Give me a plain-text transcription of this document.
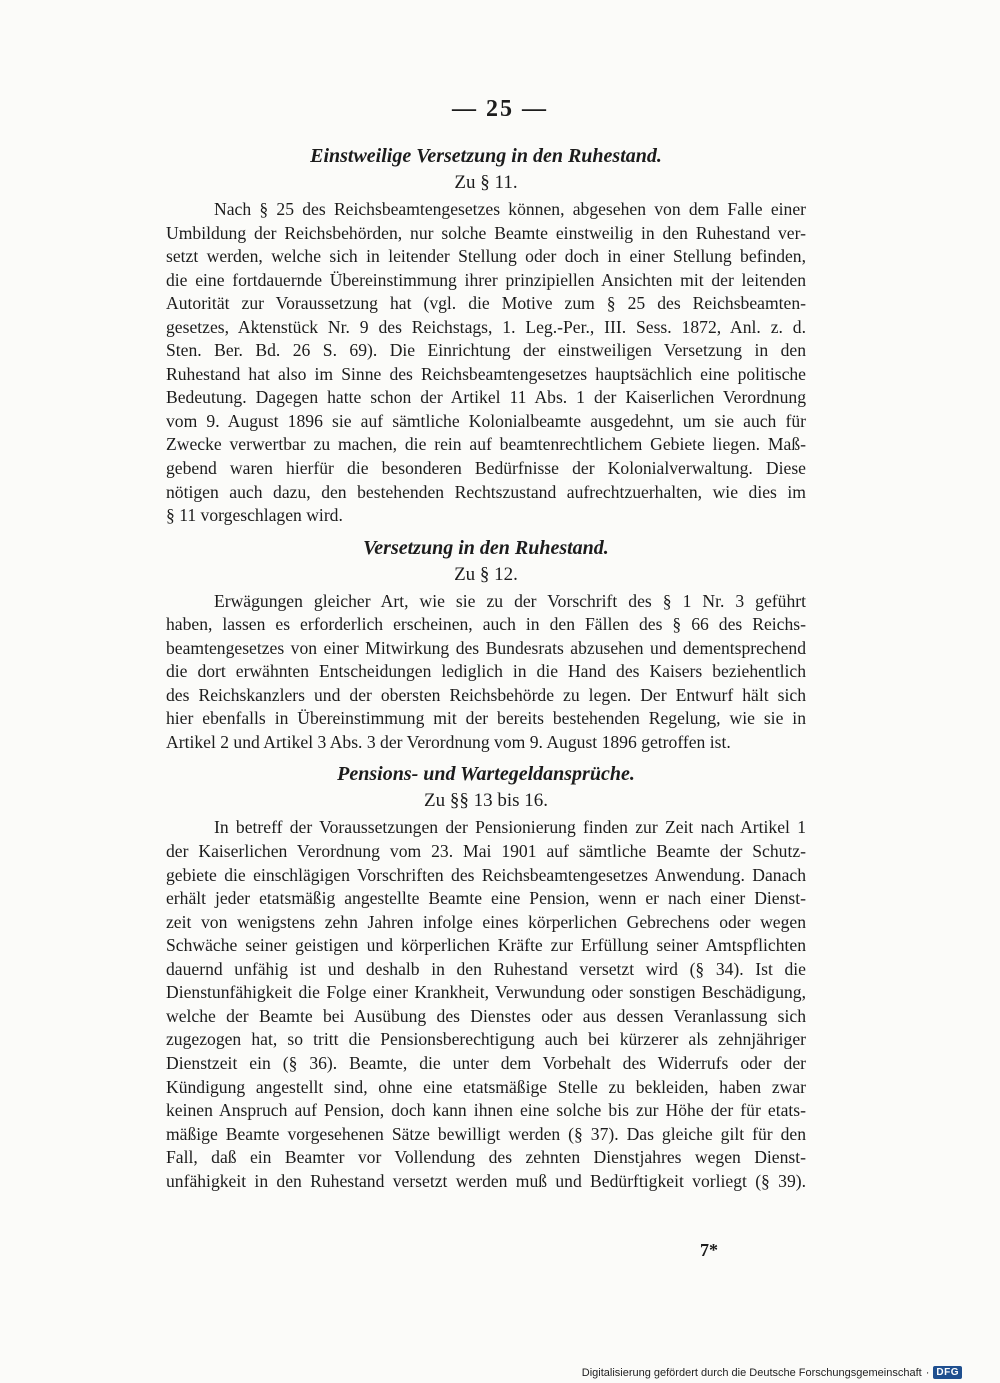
— 25 —
Einstweilige Versetzung in den Ruhestand.
Zu § 11.
Nach § 25 des Reichsbeamtengesetzes können, abgesehen von dem Falle einer
Umbildung der Reichsbehörden, nur solche Beamte einstweilig in den Ruhestand ver-
setzt werden, welche sich in leitender Stellung oder doch in einer Stellung befinden,
die eine fortdauernde Übereinstimmung ihrer prinzipiellen Ansichten mit der leitenden
Autorität zur Voraussetzung hat (vgl. die Motive zum § 25 des Reichsbeamten-
gesetzes, Aktenstück Nr. 9 des Reichstags, 1. Leg.-Per., III. Sess. 1872, Anl. z. d.
Sten. Ber. Bd. 26 S. 69). Die Einrichtung der einstweiligen Versetzung in den
Ruhestand hat also im Sinne des Reichsbeamtengesetzes hauptsächlich eine politische
Bedeutung. Dagegen hatte schon der Artikel 11 Abs. 1 der Kaiserlichen Verordnung
vom 9. August 1896 sie auf sämtliche Kolonialbeamte ausgedehnt, um sie auch für
Zwecke verwertbar zu machen, die rein auf beamtenrechtlichem Gebiete liegen. Maß-
gebend waren hierfür die besonderen Bedürfnisse der Kolonialverwaltung. Diese
nötigen auch dazu, den bestehenden Rechtszustand aufrechtzuerhalten, wie dies im
§ 11 vorgeschlagen wird.
Versetzung in den Ruhestand.
Zu § 12.
Erwägungen gleicher Art, wie sie zu der Vorschrift des § 1 Nr. 3 geführt
haben, lassen es erforderlich erscheinen, auch in den Fällen des § 66 des Reichs-
beamtengesetzes von einer Mitwirkung des Bundesrats abzusehen und dementsprechend
die dort erwähnten Entscheidungen lediglich in die Hand des Kaisers beziehentlich
des Reichskanzlers und der obersten Reichsbehörde zu legen. Der Entwurf hält sich
hier ebenfalls in Übereinstimmung mit der bereits bestehenden Regelung, wie sie in
Artikel 2 und Artikel 3 Abs. 3 der Verordnung vom 9. August 1896 getroffen ist.
Pensions- und Wartegeldansprüche.
Zu §§ 13 bis 16.
In betreff der Voraussetzungen der Pensionierung finden zur Zeit nach Artikel 1
der Kaiserlichen Verordnung vom 23. Mai 1901 auf sämtliche Beamte der Schutz-
gebiete die einschlägigen Vorschriften des Reichsbeamtengesetzes Anwendung. Danach
erhält jeder etatsmäßig angestellte Beamte eine Pension, wenn er nach einer Dienst-
zeit von wenigstens zehn Jahren infolge eines körperlichen Gebrechens oder wegen
Schwäche seiner geistigen und körperlichen Kräfte zur Erfüllung seiner Amtspflichten
dauernd unfähig ist und deshalb in den Ruhestand versetzt wird (§ 34). Ist die
Dienstunfähigkeit die Folge einer Krankheit, Verwundung oder sonstigen Beschädigung,
welche der Beamte bei Ausübung des Dienstes oder aus dessen Veranlassung sich
zugezogen hat, so tritt die Pensionsberechtigung auch bei kürzerer als zehnjähriger
Dienstzeit ein (§ 36). Beamte, die unter dem Vorbehalt des Widerrufs oder der
Kündigung angestellt sind, ohne eine etatsmäßige Stelle zu bekleiden, haben zwar
keinen Anspruch auf Pension, doch kann ihnen eine solche bis zur Höhe der für etats-
mäßige Beamte vorgesehenen Sätze bewilligt werden (§ 37). Das gleiche gilt für den
Fall, daß ein Beamter vor Vollendung des zehnten Dienstjahres wegen Dienst-
unfähigkeit in den Ruhestand versetzt werden muß und Bedürftigkeit vorliegt (§ 39).
7*
Digitalisierung gefördert durch die Deutsche Forschungsgemeinschaft · DFG
